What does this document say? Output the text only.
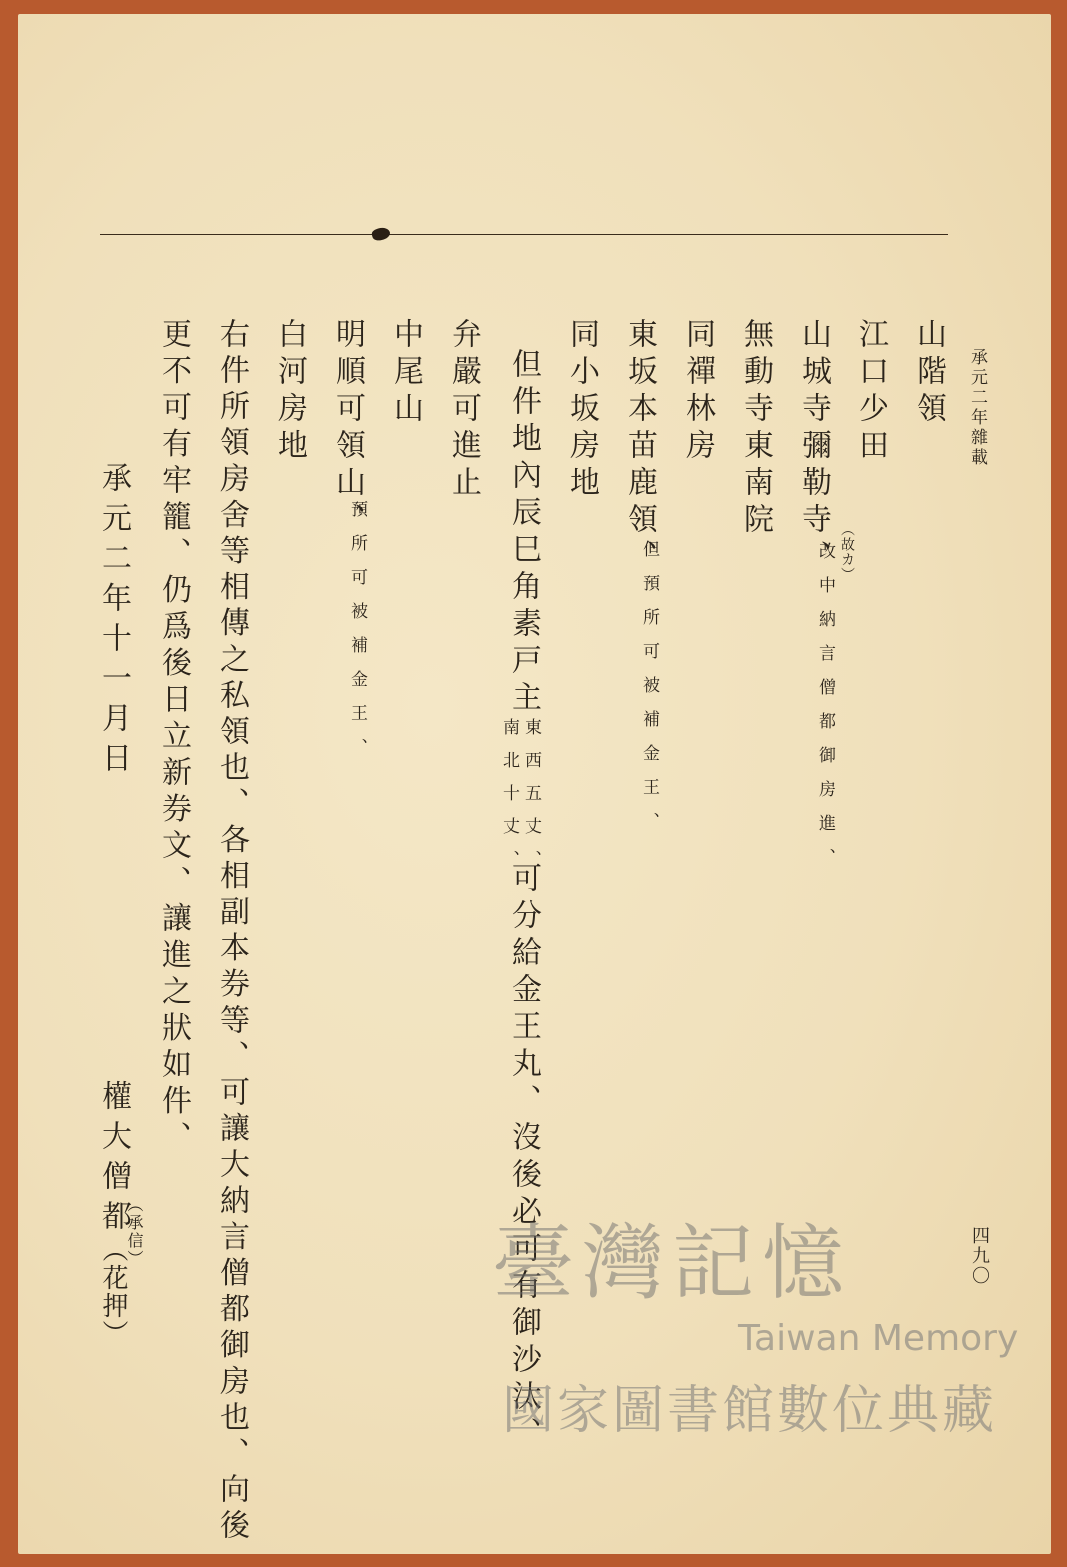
承元二年雜載
山階領
江口少田
山城寺彌勒寺、 （故カ）
改中納言僧都御房進、
無動寺東南院
同禪林房
東坂本苗鹿領、
但預所可被補金王、
同小坂房地
但件地內辰巳角素戸主
東西五丈、
南北十丈、
可分給金王丸、沒後必可有御沙汰、
弁嚴可進止
中尾山
明順可領山、
預所可被補金王、
白河房地
右件所領房舍等相傳之私領也、各相副本券等、可讓大納言僧都御房也、向後
更不可有牢籠、仍爲後日立新券文、讓進之狀如件、
承元二年十一月日
權大僧都
（承信）
（花押）	四九〇
臺灣記憶
Taiwan Memory
國家圖書館數位典藏
